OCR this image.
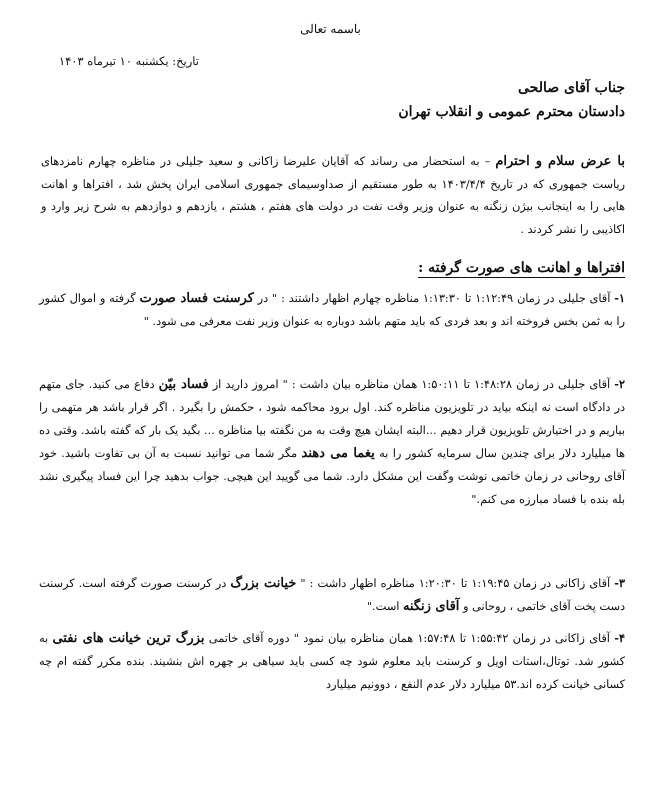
باسمه تعالی
تاریخ: یکشنبه ۱۰ تیرماه ۱۴۰۳
جناب آقای صالحی
دادستان محترم عمومی و انقلاب تهران
با عرض سلام و احترام – به استحضار می رساند که آقایان علیرضا زاکانی و سعید جلیلی در مناظره چهارم نامزدهای ریاست جمهوری که در تاریخ ۱۴۰۳/۴/۴ به طور مستقیم از صداوسیمای جمهوری اسلامی ایران پخش شد ، افتراها و اهانت هایی را به اینجانب بیژن زنگنه به عنوان وزیر وقت نفت در دولت های هفتم ، هشتم ، یازدهم و دوازدهم به شرح زیر وارد و اکاذیبی را نشر کردند .
افتراها و اهانت های صورت گرفته :
۱- آقای جلیلی در زمان ۱:۱۲:۴۹ تا ۱:۱۳:۳۰ مناظره چهارم اظهار داشتند : " در کرسنت فساد صورت گرفته و اموال کشور را به ثمن بخس فروخته اند و بعد فردی که باید متهم باشد دوباره به عنوان وزیر نفت معرفی می شود. "
۲- آقای جلیلی در زمان ۱:۴۸:۲۸ تا ۱:۵۰:۱۱ همان مناظره بیان داشت : " امروز دارید از فساد بیّن دفاع می کنید. جای متهم در دادگاه است نه اینکه بیاید در تلویزیون مناظره کند. اول برود محاکمه شود ، حکمش را بگیرد . اگر قرار باشد هر متهمی را بیاریم و در اختیارش تلویزیون قرار دهیم ...البته ایشان هیچ وقت به من نگفته بیا مناظره ... بگید یک بار که گفته باشد. وقتی ده ها میلیارد دلار برای چندین سال سرمایه کشور را به یغما می دهند مگر شما می توانید نسبت به آن بی تفاوت باشید. خود آقای روحانی در زمان خاتمی نوشت وگفت این مشکل دارد. شما می گویید این هیچی. جواب بدهید چرا این فساد پیگیری نشد بله بنده با فساد مبارزه می کنم."
۳- آقای زاکانی در زمان ۱:۱۹:۴۵ تا ۱:۲۰:۳۰ مناظره اظهار داشت : " خیانت بزرگ در کرسنت صورت گرفته است. کرسنت دست پخت آقای خاتمی ، روحانی و آقای زنگنه است."
۴- آقای زاکانی در زمان ۱:۵۵:۴۲ تا ۱:۵۷:۴۸ همان مناظره بیان نمود " دوره آقای خاتمی بزرگ ترین خیانت های نفتی به کشور شد. توتال،استات اویل و کرسنت باید معلوم شود چه کسی باید سیاهی بر چهره اش بنشیند. بنده مکرر گفته ام چه کسانی خیانت کرده اند.۵۳ میلیارد دلار عدم النفع ، دوونیم میلیارد
